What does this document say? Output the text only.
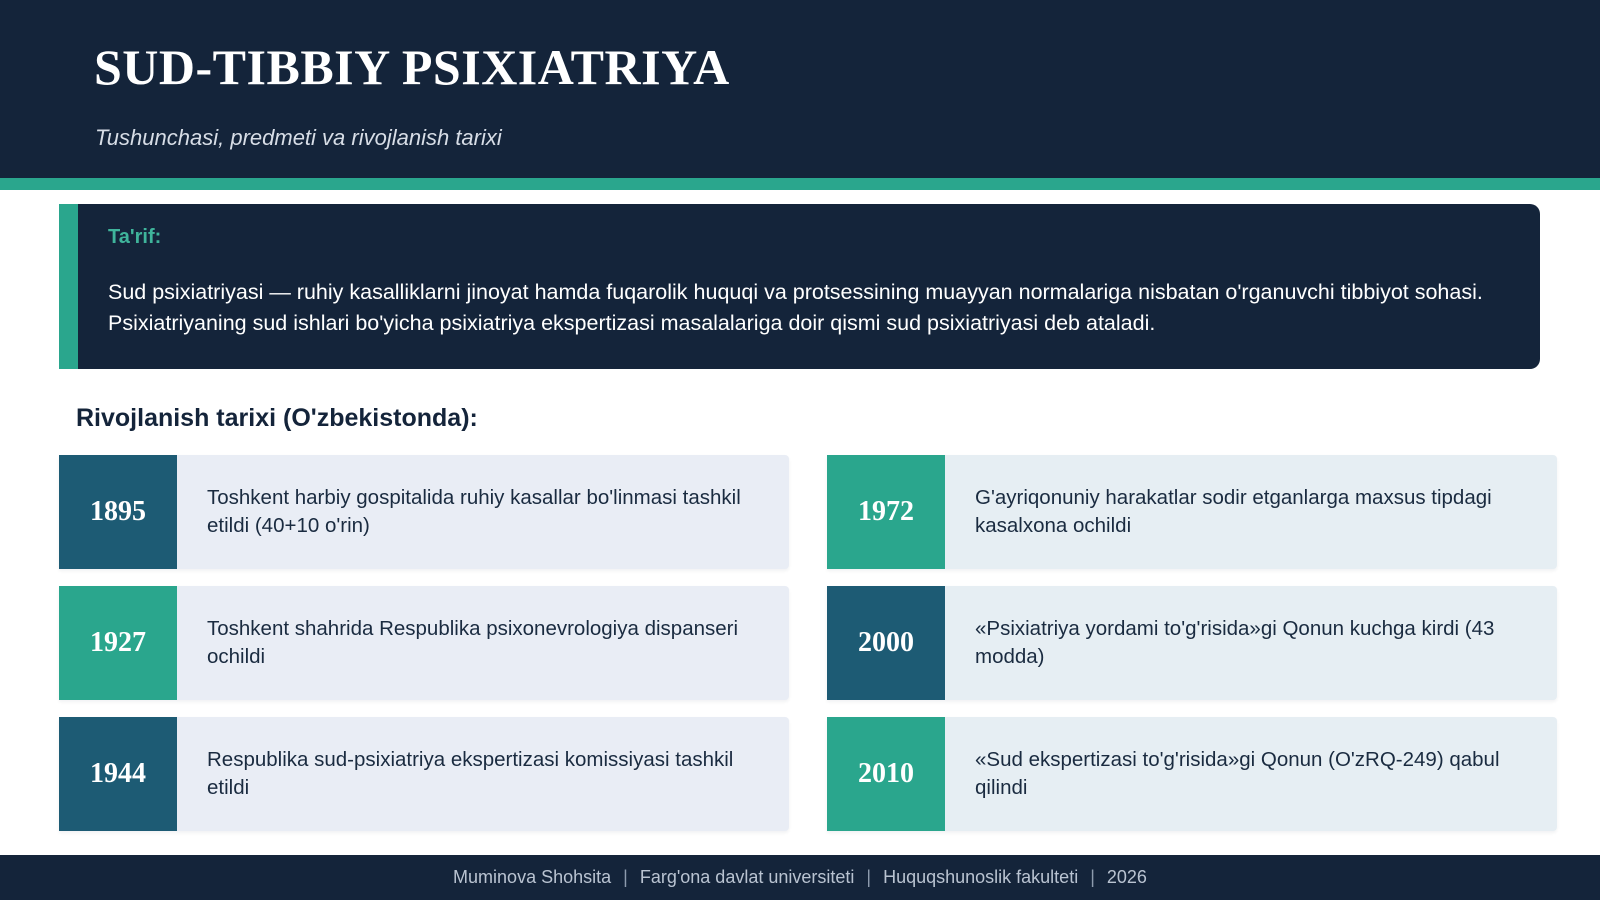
SUD-TIBBIY PSIXIATRIYA
Tushunchasi, predmeti va rivojlanish tarixi
Ta'rif:
Sud psixiatriyasi — ruhiy kasalliklarni jinoyat hamda fuqarolik huquqi va protsessining muayyan normalariga nisbatan o'rganuvchi tibbiyot sohasi. Psixiatriyaning sud ishlari bo'yicha psixiatriya ekspertizasi masalalariga doir qismi sud psixiatriyasi deb ataladi.
Rivojlanish tarixi (O'zbekistonda):
1895	Toshkent harbiy gospitalida ruhiy kasallar bo'linmasi tashkil etildi (40+10 o'rin)
1927	Toshkent shahrida Respublika psixonevrologiya dispanseri ochildi
1944	Respublika sud-psixiatriya ekspertizasi komissiyasi tashkil etildi
1972	G'ayriqonuniy harakatlar sodir etganlarga maxsus tipdagi kasalxona ochildi
2000	«Psixiatriya yordami to'g'risida»gi Qonun kuchga kirdi (43 modda)
2010	«Sud ekspertizasi to'g'risida»gi Qonun (O'zRQ-249) qabul qilindi
Muminova Shohsita | Farg'ona davlat universiteti | Huquqshunoslik fakulteti | 2026
